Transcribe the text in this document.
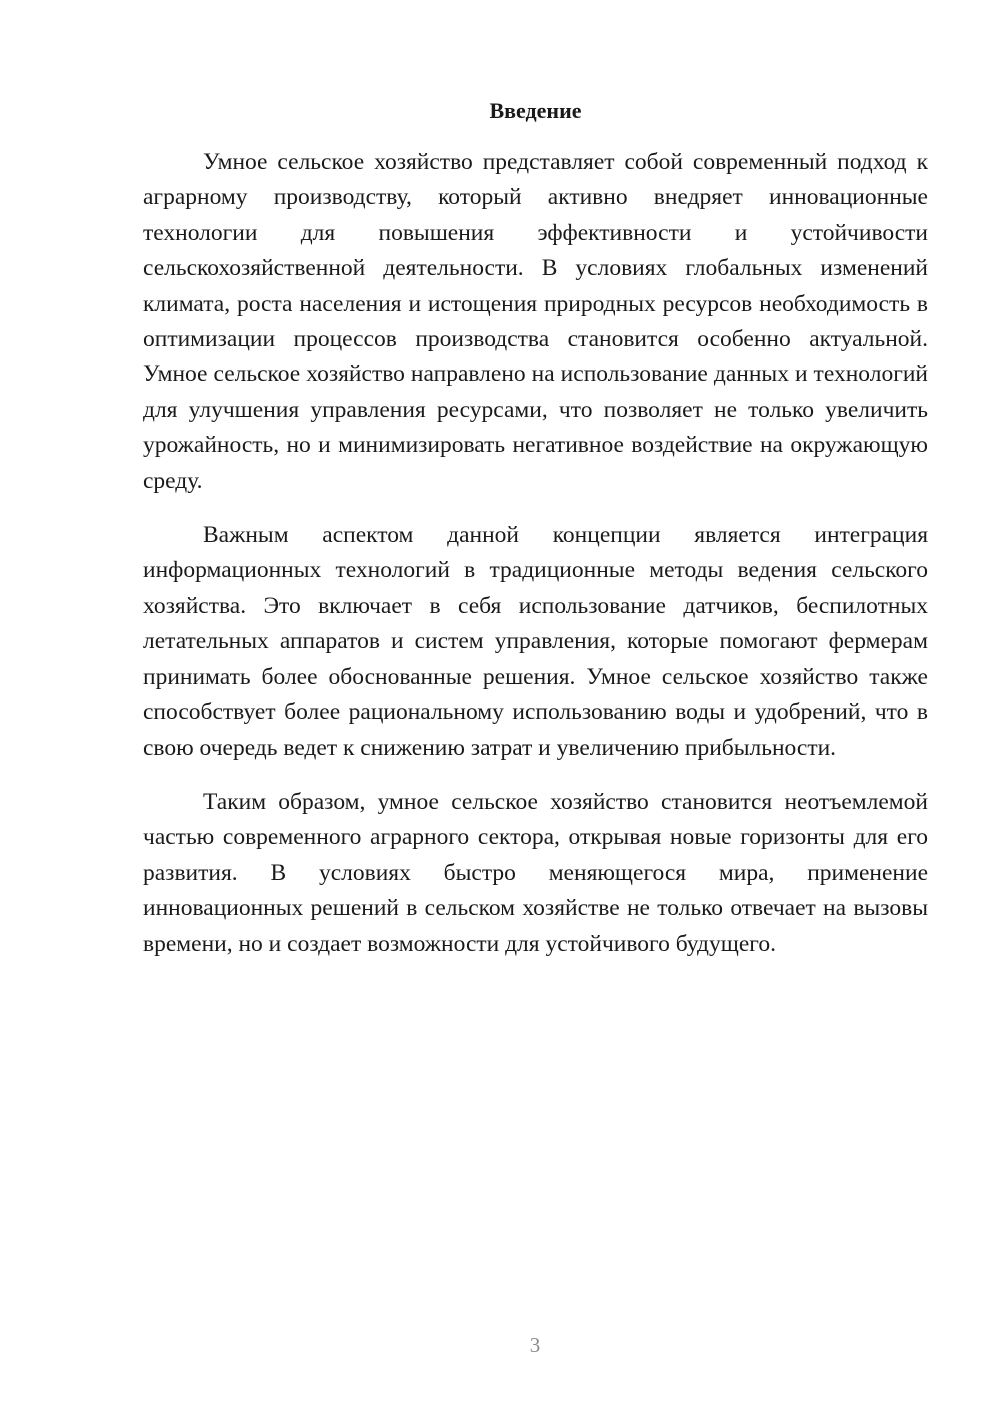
Введение

Умное сельское хозяйство представляет собой современный подход к аграрному производству, который активно внедряет инновационные технологии для повышения эффективности и устойчивости сельскохозяйственной деятельности. В условиях глобальных изменений климата, роста населения и истощения природных ресурсов необходимость в оптимизации процессов производства становится особенно актуальной. Умное сельское хозяйство направлено на использование данных и технологий для улучшения управления ресурсами, что позволяет не только увеличить урожайность, но и минимизировать негативное воздействие на окружающую среду.

Важным аспектом данной концепции является интеграция информационных технологий в традиционные методы ведения сельского хозяйства. Это включает в себя использование датчиков, беспилотных летательных аппаратов и систем управления, которые помогают фермерам принимать более обоснованные решения. Умное сельское хозяйство также способствует более рациональному использованию воды и удобрений, что в свою очередь ведет к снижению затрат и увеличению прибыльности.

Таким образом, умное сельское хозяйство становится неотъемлемой частью современного аграрного сектора, открывая новые горизонты для его развития. В условиях быстро меняющегося мира, применение инновационных решений в сельском хозяйстве не только отвечает на вызовы времени, но и создает возможности для устойчивого будущего.

3
